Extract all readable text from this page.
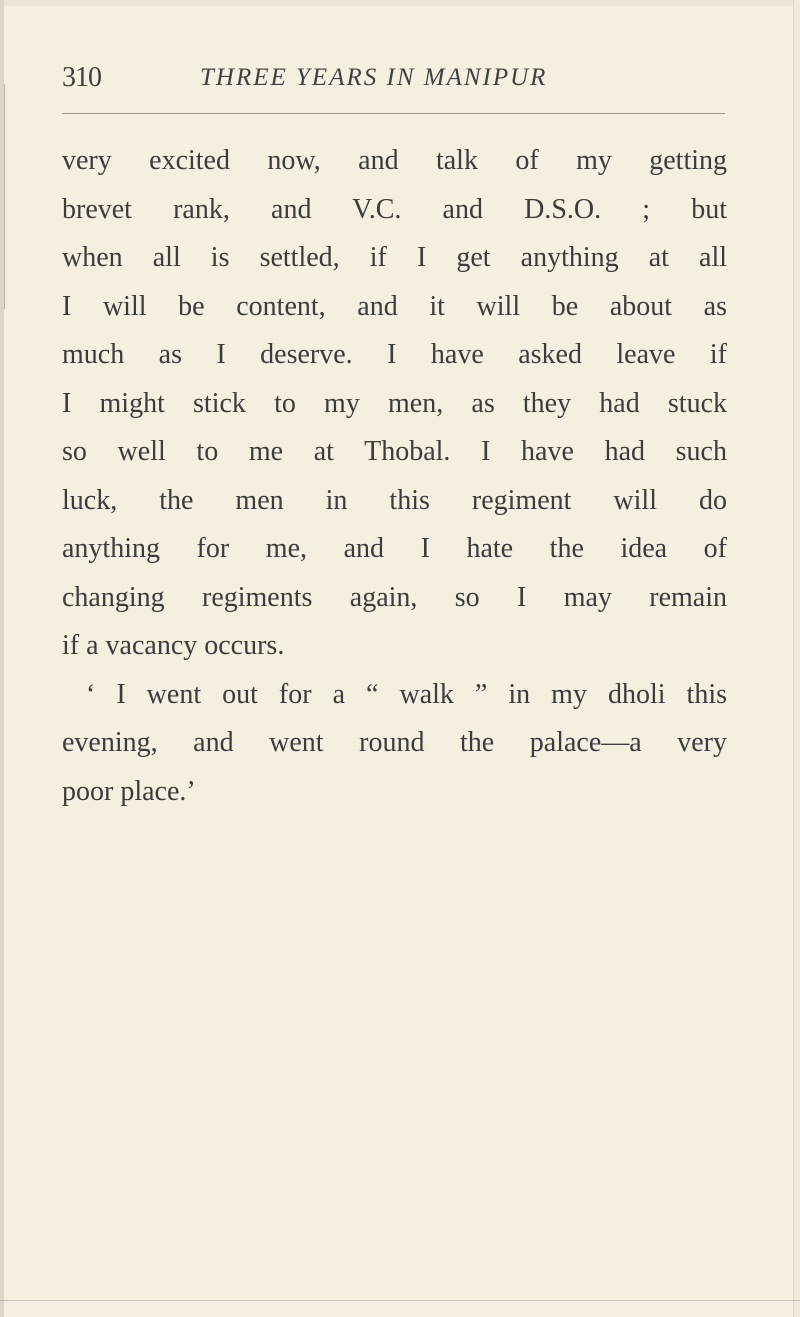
310	THREE YEARS IN MANIPUR
very excited now, and talk of my getting
brevet rank, and V.C. and D.S.O. ; but
when all is settled, if I get anything at all
I will be content, and it will be about as
much as I deserve. I have asked leave if
I might stick to my men, as they had stuck
so well to me at Thobal. I have had such
luck, the men in this regiment will do
anything for me, and I hate the idea of
changing regiments again, so I may remain
if a vacancy occurs.
‘ I went out for a “ walk ” in my dholi this
evening, and went round the palace—a very
poor place.’
